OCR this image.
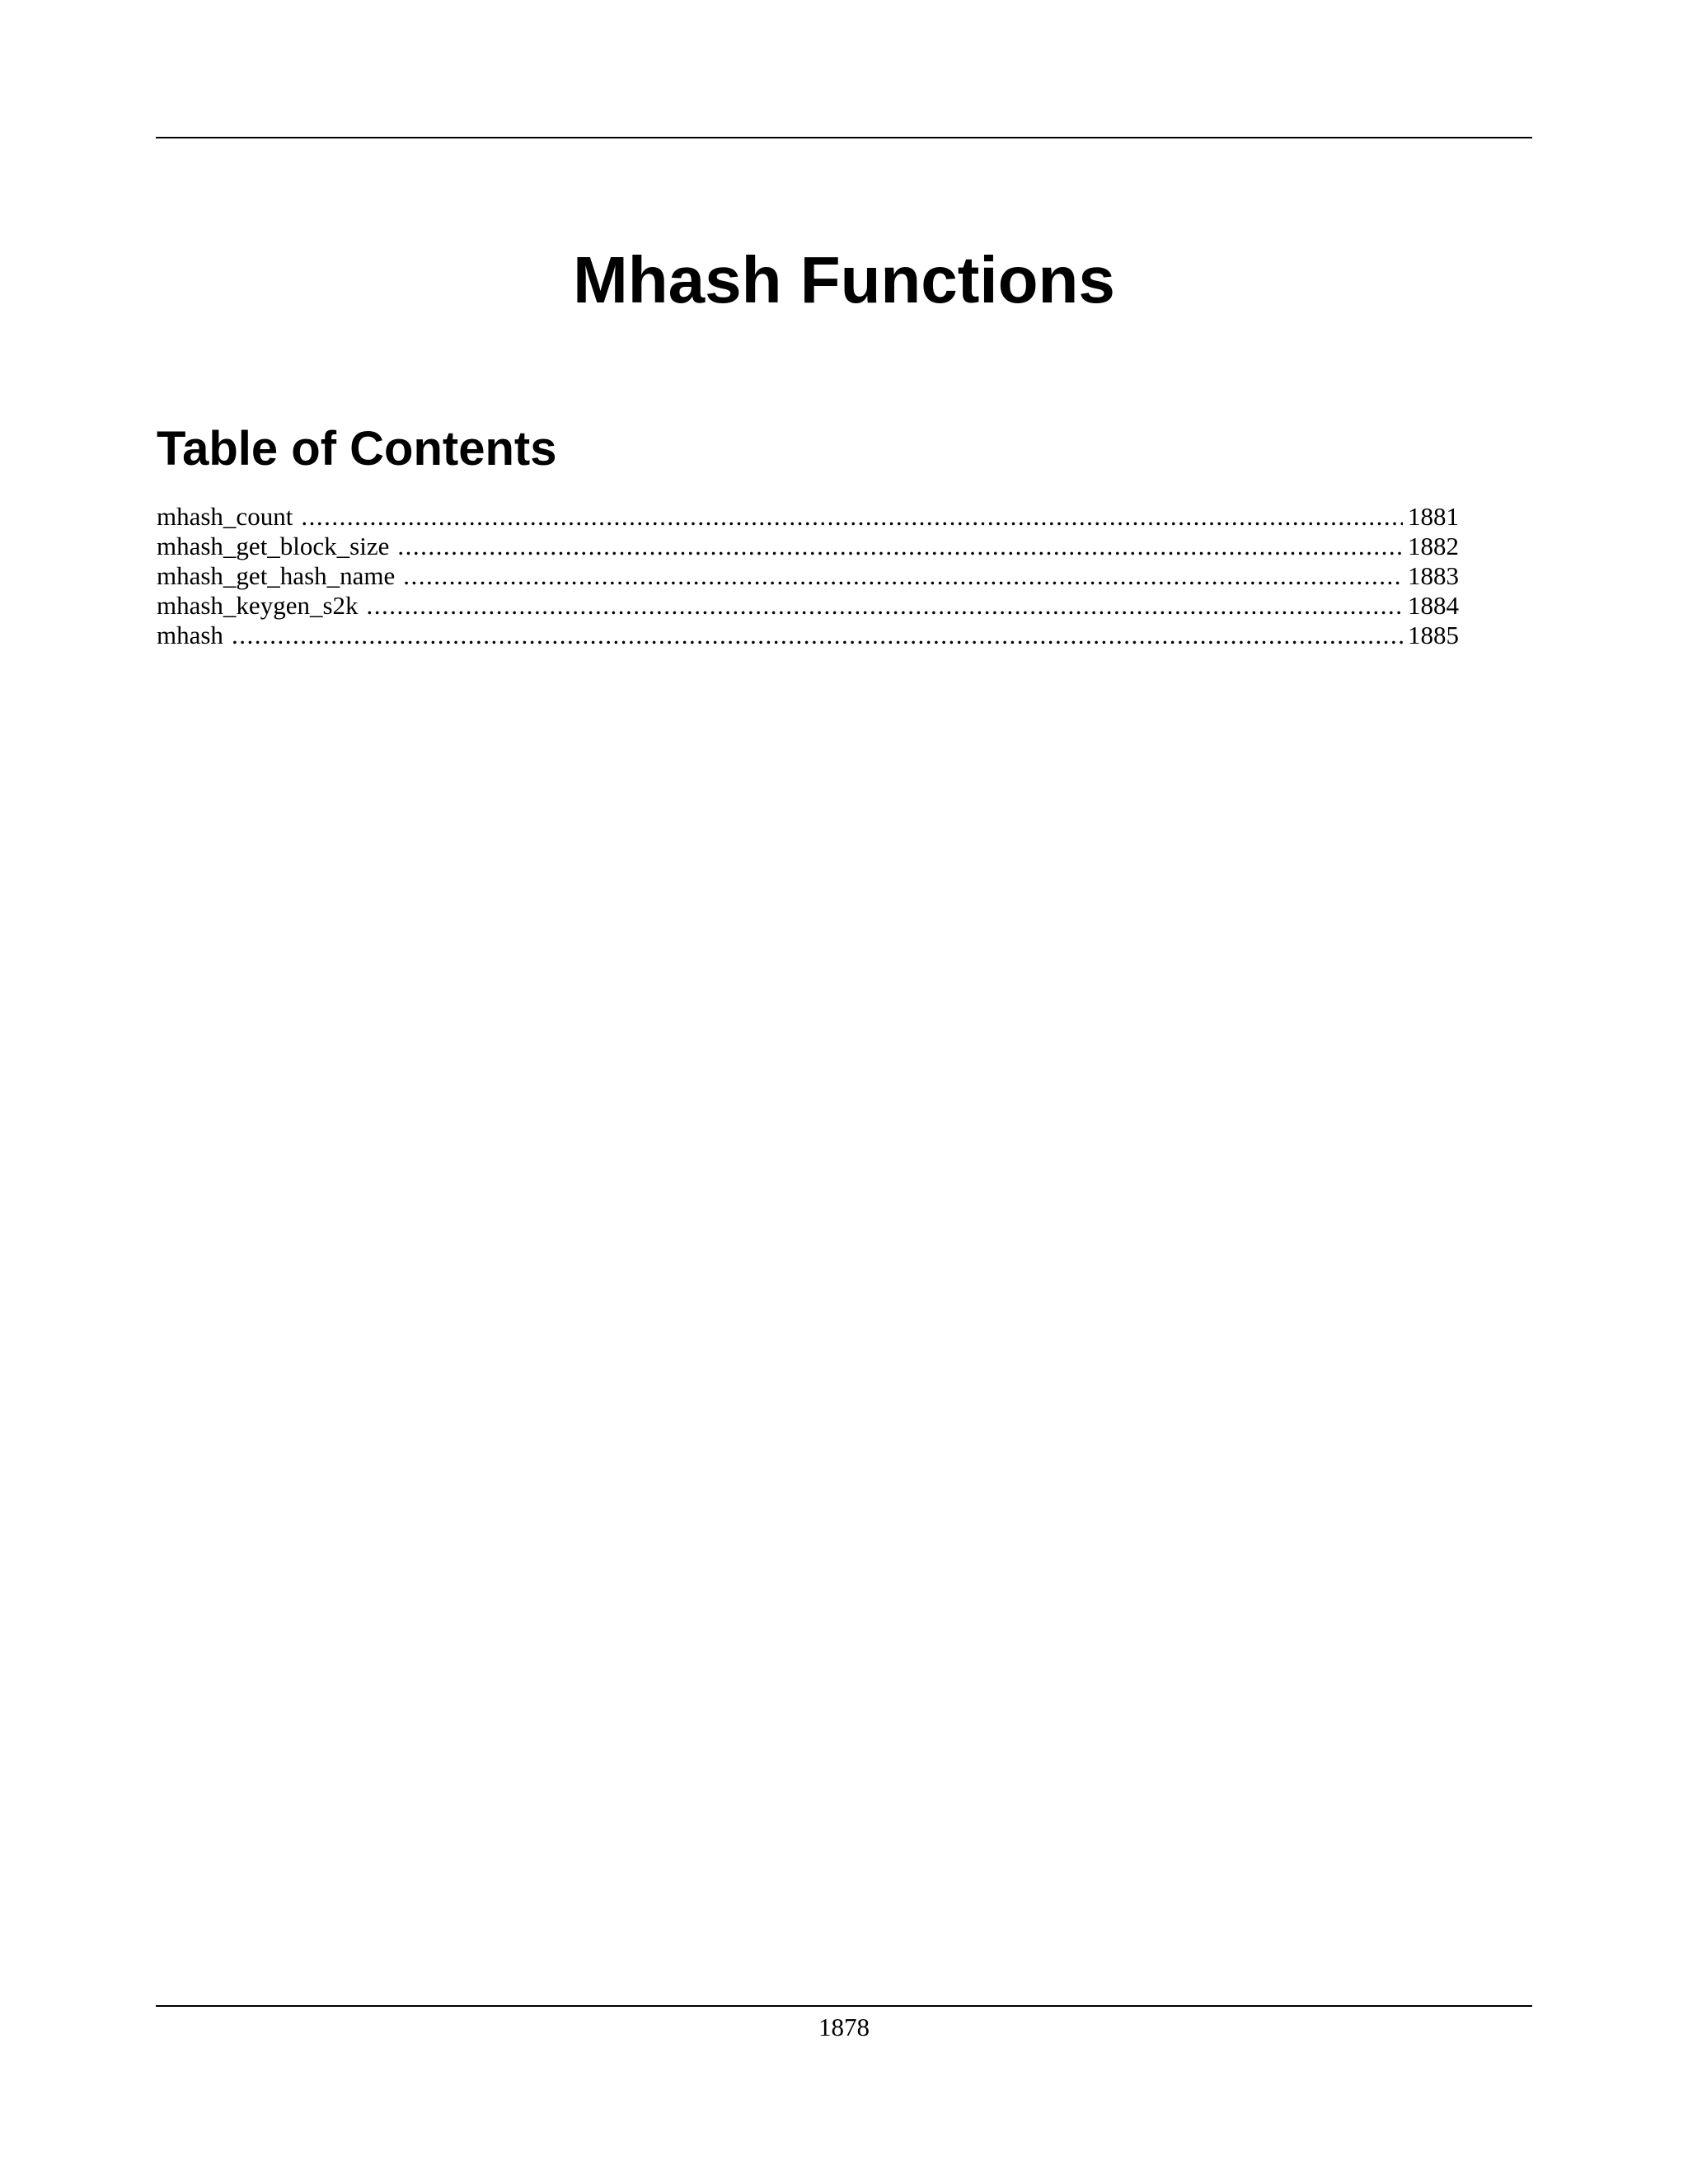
Mhash Functions
Table of Contents
mhash_count .....	1881
mhash_get_block_size .....	1882
mhash_get_hash_name .....	1883
mhash_keygen_s2k .....	1884
mhash .....	1885
1878
